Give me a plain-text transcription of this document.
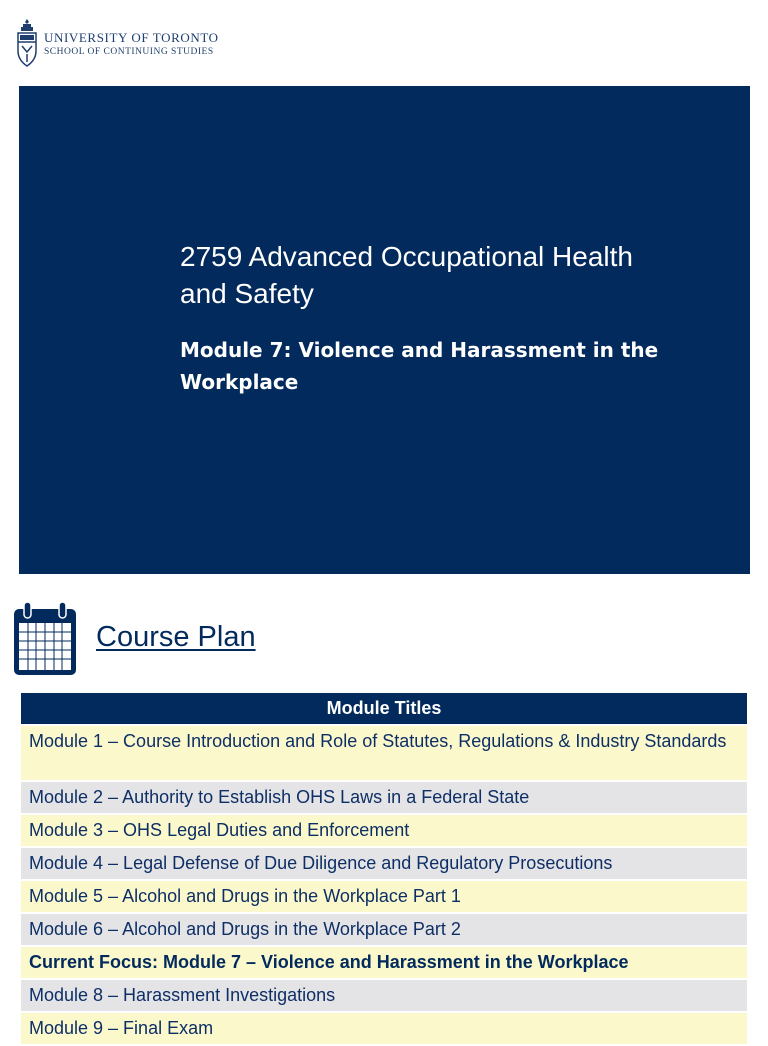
UNIVERSITY OF TORONTO
SCHOOL OF CONTINUING STUDIES
2759 Advanced Occupational Health and Safety
Module 7: Violence and Harassment in the Workplace
Course Plan
Module Titles
Module 1 – Course Introduction and Role of Statutes, Regulations & Industry Standards
Module 2 – Authority to Establish OHS Laws in a Federal State
Module 3 – OHS Legal Duties and Enforcement
Module 4 – Legal Defense of Due Diligence and Regulatory Prosecutions
Module 5 – Alcohol and Drugs in the Workplace Part 1
Module 6 – Alcohol and Drugs in the Workplace Part 2
Current Focus: Module 7 – Violence and Harassment in the Workplace
Module 8 – Harassment Investigations
Module 9 – Final Exam
